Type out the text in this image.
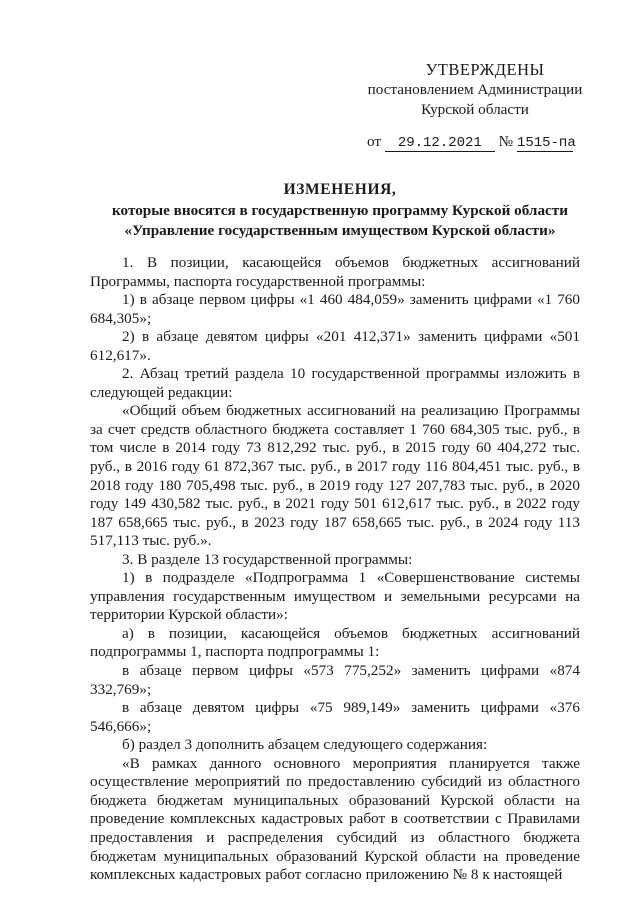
УТВЕРЖДЕНЫ
постановлением Администрации
Курской области
от 29.12.2021 № 1515-па
ИЗМЕНЕНИЯ,
которые вносятся в государственную программу Курской области
«Управление государственным имуществом Курской области»
1. В позиции, касающейся объемов бюджетных ассигнований Программы, паспорта государственной программы:
1) в абзаце первом цифры «1 460 484,059» заменить цифрами «1 760 684,305»;
2) в абзаце девятом цифры «201 412,371» заменить цифрами «501 612,617».
2. Абзац третий раздела 10 государственной программы изложить в следующей редакции:
«Общий объем бюджетных ассигнований на реализацию Программы за счет средств областного бюджета составляет 1 760 684,305 тыс. руб., в том числе в 2014 году 73 812,292 тыс. руб., в 2015 году 60 404,272 тыс. руб., в 2016 году 61 872,367 тыс. руб., в 2017 году 116 804,451 тыс. руб., в 2018 году 180 705,498 тыс. руб., в 2019 году 127 207,783 тыс. руб., в 2020 году 149 430,582 тыс. руб., в 2021 году 501 612,617 тыс. руб., в 2022 году 187 658,665 тыс. руб., в 2023 году 187 658,665 тыс. руб., в 2024 году 113 517,113 тыс. руб.».
3. В разделе 13 государственной программы:
1) в подразделе «Подпрограмма 1 «Совершенствование системы управления государственным имуществом и земельными ресурсами на территории Курской области»:
а) в позиции, касающейся объемов бюджетных ассигнований подпрограммы 1, паспорта подпрограммы 1:
в абзаце первом цифры «573 775,252» заменить цифрами «874 332,769»;
в абзаце девятом цифры «75 989,149» заменить цифрами «376 546,666»;
б) раздел 3 дополнить абзацем следующего содержания:
«В рамках данного основного мероприятия планируется также осуществление мероприятий по предоставлению субсидий из областного бюджета бюджетам муниципальных образований Курской области на проведение комплексных кадастровых работ в соответствии с Правилами предоставления и распределения субсидий из областного бюджета бюджетам муниципальных образований Курской области на проведение комплексных кадастровых работ согласно приложению № 8 к настоящей
